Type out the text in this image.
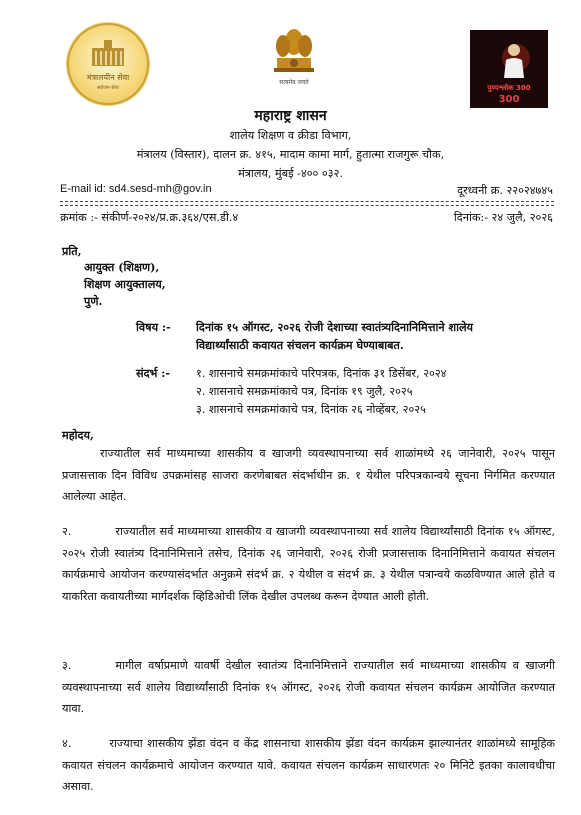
मंत्रालयीन सेवा
सर्वजन सेवा
सत्यमेव जयते
पुण्यश्लोक 300
300
महाराष्ट्र शासन
शालेय शिक्षण व क्रीडा विभाग,
मंत्रालय (विस्तार), दालन क्र. ४१५, मादाम कामा मार्ग, हुतात्मा राजगुरू चौक,
मंत्रालय, मुंबई -४०० ०३२.
E-mail id: sd4.sesd-mh@gov.in	दूरध्वनी क्र. २२०२४७४५
क्रमांक :- संकीर्ण-२०२४/प्र.क्र.३६४/एस.डी.४	दिनांक:- २४ जुलै, २०२६
प्रति,
आयुक्त (शिक्षण),
शिक्षण आयुक्तालय,
पुणे.
विषय :- दिनांक १५ ऑगस्ट, २०२६ रोजी देशाच्या स्वातंत्र्यदिनानिमित्ताने शालेय
विद्यार्थ्यांसाठी कवायत संचलन कार्यक्रम घेण्याबाबत.
संदर्भ :- १. शासनाचे समक्रमांकाचे परिपत्रक, दिनांक ३१ डिसेंबर, २०२४
२. शासनाचे समक्रमांकाचे पत्र, दिनांक १९ जुलै, २०२५
३. शासनाचे समक्रमांकाचे पत्र, दिनांक २६ नोव्हेंबर, २०२५
महोदय,
राज्यातील सर्व माध्यमाच्या शासकीय व खाजगी व्यवस्थापनाच्या सर्व शाळांमध्ये २६ जानेवारी, २०२५ पासून प्रजासत्ताक दिन विविध उपक्रमांसह साजरा करणेबाबत संदर्भाधीन क्र. १ येथील परिपत्रकान्वये सूचना निर्गमित करण्यात आलेल्या आहेत.
२.	राज्यातील सर्व माध्यमाच्या शासकीय व खाजगी व्यवस्थापनाच्या सर्व शालेय विद्यार्थ्यांसाठी दिनांक १५ ऑगस्ट, २०२५ रोजी स्वातंत्र्य दिनानिमित्ताने तसेच, दिनांक २६ जानेवारी, २०२६ रोजी प्रजासत्ताक दिनानिमित्ताने कवायत संचलन कार्यक्रमाचे आयोजन करण्यासंदर्भात अनुक्रमे संदर्भ क्र. २ येथील व संदर्भ क्र. ३ येथील पत्रान्वये कळविण्यात आले होते व याकरिता कवायतीच्या मार्गदर्शक व्हिडिओची लिंक देखील उपलब्ध करून देण्यात आली होती.
३.	मागील वर्षाप्रमाणे यावर्षी देखील स्वातंत्र्य दिनानिमित्ताने राज्यातील सर्व माध्यमाच्या शासकीय व खाजगी व्यवस्थापनाच्या सर्व शालेय विद्यार्थ्यांसाठी दिनांक १५ ऑगस्ट, २०२६ रोजी कवायत संचलन कार्यक्रम आयोजित करण्यात यावा.
४.	राज्याचा शासकीय झेंडा वंदन व केंद्र शासनाचा शासकीय झेंडा वंदन कार्यक्रम झाल्यानंतर शाळांमध्ये सामूहिक कवायत संचलन कार्यक्रमाचे आयोजन करण्यात यावे. कवायत संचलन कार्यक्रम साधारणतः २० मिनिटे इतका कालावधीचा असावा.
